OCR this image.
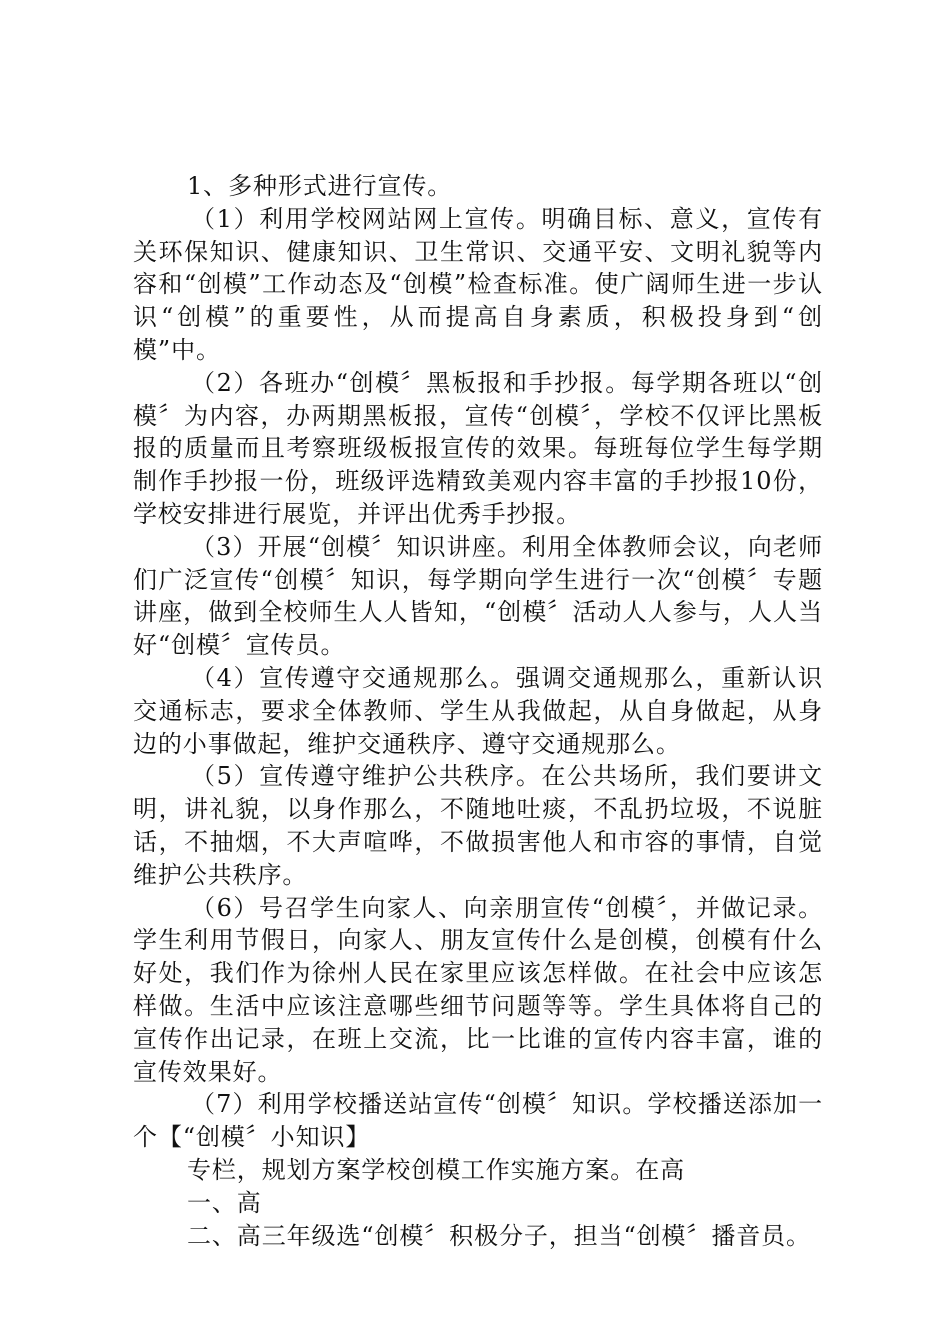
1、多种形式进行宣传。

（1）利用学校网站网上宣传。明确目标、意义，宣传有关环保知识、健康知识、卫生常识、交通平安、文明礼貌等内容和“创模”工作动态及“创模”检查标准。使广阔师生进一步认识“创模”的重要性，从而提高自身素质，积极投身到“创模”中。

（2）各班办“创模〞黑板报和手抄报。每学期各班以“创模〞为内容，办两期黑板报，宣传“创模〞，学校不仅评比黑板报的质量而且考察班级板报宣传的效果。每班每位学生每学期制作手抄报一份，班级评选精致美观内容丰富的手抄报10份，学校安排进行展览，并评出优秀手抄报。

（3）开展“创模〞知识讲座。利用全体教师会议，向老师们广泛宣传“创模〞知识，每学期向学生进行一次“创模〞专题讲座，做到全校师生人人皆知，“创模〞活动人人参与，人人当好“创模〞宣传员。

（4）宣传遵守交通规那么。强调交通规那么，重新认识交通标志，要求全体教师、学生从我做起，从自身做起，从身边的小事做起，维护交通秩序、遵守交通规那么。

（5）宣传遵守维护公共秩序。在公共场所，我们要讲文明，讲礼貌，以身作那么，不随地吐痰，不乱扔垃圾，不说脏话，不抽烟，不大声喧哗，不做损害他人和市容的事情，自觉维护公共秩序。

（6）号召学生向家人、向亲朋宣传“创模〞，并做记录。学生利用节假日，向家人、朋友宣传什么是创模，创模有什么好处，我们作为徐州人民在家里应该怎样做。在社会中应该怎样做。生活中应该注意哪些细节问题等等。学生具体将自己的宣传作出记录，在班上交流，比一比谁的宣传内容丰富，谁的宣传效果好。

（7）利用学校播送站宣传“创模〞知识。学校播送添加一个【“创模〞小知识】

专栏，规划方案学校创模工作实施方案。在高

一、高

二、高三年级选“创模〞积极分子，担当“创模〞播音员。
